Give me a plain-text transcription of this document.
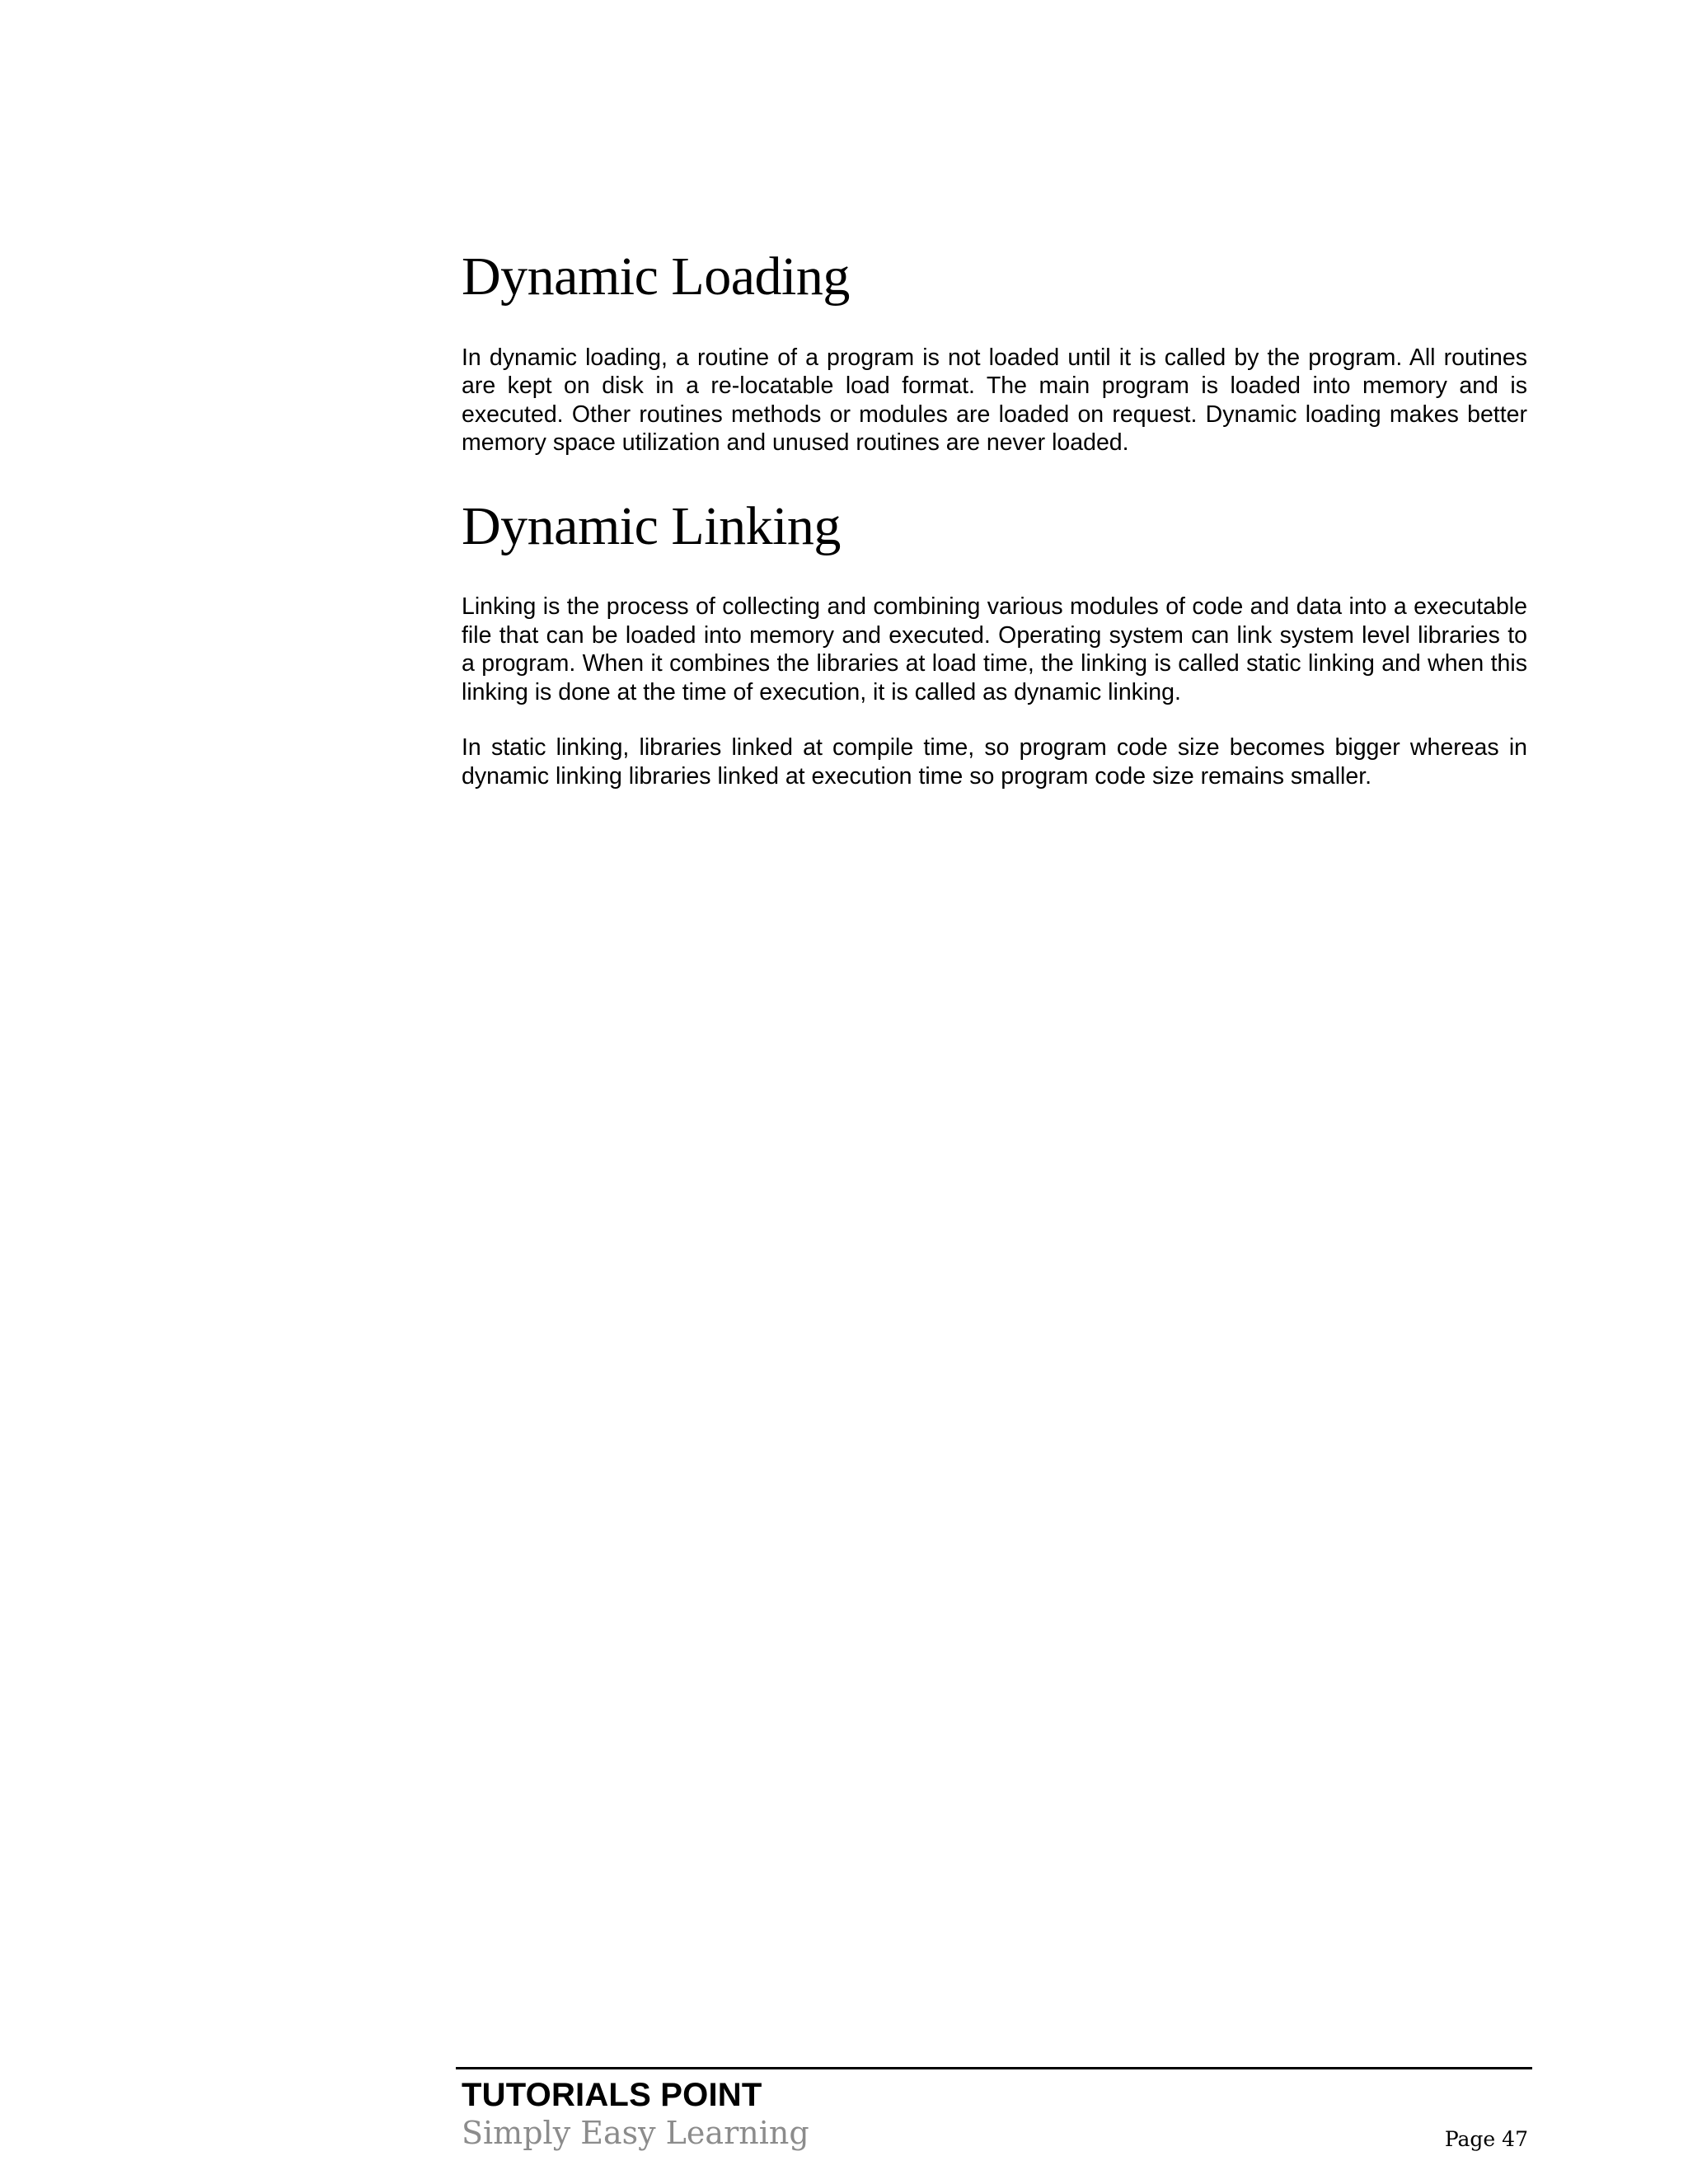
Dynamic Loading

In dynamic loading, a routine of a program is not loaded until it is called by the program. All routines are kept on disk in a re-locatable load format. The main program is loaded into memory and is executed. Other routines methods or modules are loaded on request. Dynamic loading makes better memory space utilization and unused routines are never loaded.

Dynamic Linking

Linking is the process of collecting and combining various modules of code and data into a executable file that can be loaded into memory and executed. Operating system can link system level libraries to a program. When it combines the libraries at load time, the linking is called static linking and when this linking is done at the time of execution, it is called as dynamic linking.

In static linking, libraries linked at compile time, so program code size becomes bigger whereas in dynamic linking libraries linked at execution time so program code size remains smaller.

TUTORIALS POINT
Simply Easy Learning	Page 47
